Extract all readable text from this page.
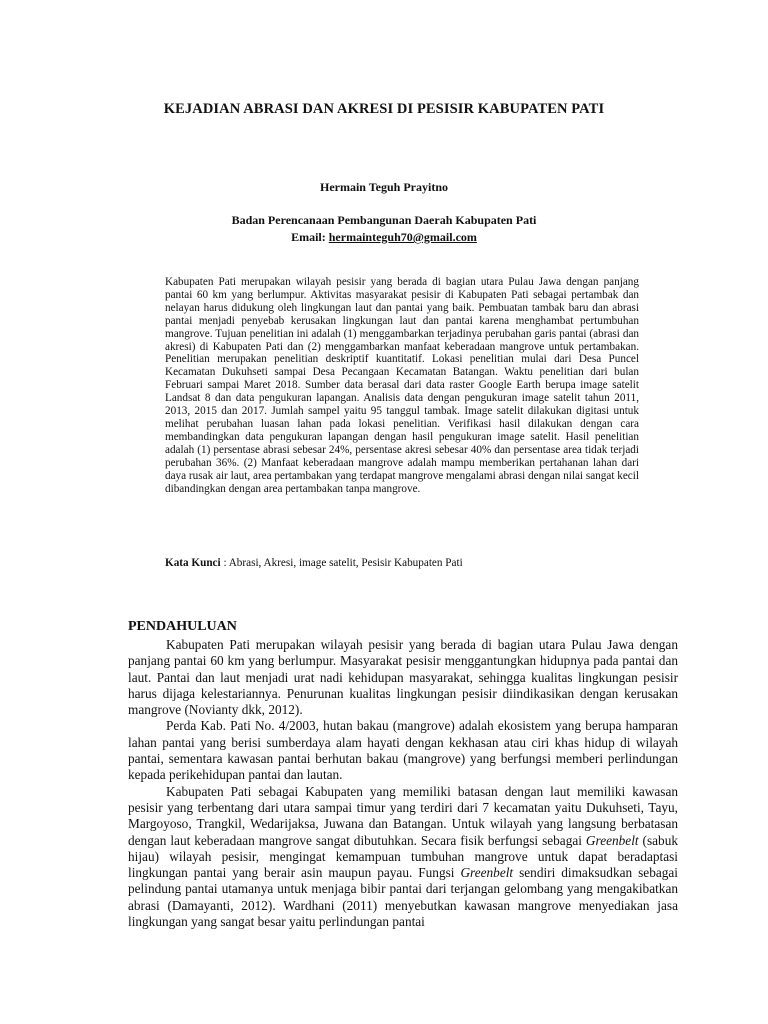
KEJADIAN ABRASI DAN AKRESI DI PESISIR KABUPATEN PATI
Hermain Teguh Prayitno
Badan Perencanaan Pembangunan Daerah Kabupaten Pati
Email: hermainteguh70@gmail.com
Kabupaten Pati merupakan wilayah pesisir yang berada di bagian utara Pulau Jawa dengan panjang pantai 60 km yang berlumpur. Aktivitas masyarakat pesisir di Kabupaten Pati sebagai pertambak dan nelayan harus didukung oleh lingkungan laut dan pantai yang baik. Pembuatan tambak baru dan abrasi pantai menjadi penyebab kerusakan lingkungan laut dan pantai karena menghambat pertumbuhan mangrove. Tujuan penelitian ini adalah (1) menggambarkan terjadinya perubahan garis pantai (abrasi dan akresi) di Kabupaten Pati dan (2) menggambarkan manfaat keberadaan mangrove untuk pertambakan. Penelitian merupakan penelitian deskriptif kuantitatif. Lokasi penelitian mulai dari Desa Puncel Kecamatan Dukuhseti sampai Desa Pecangaan Kecamatan Batangan. Waktu penelitian dari bulan Februari sampai Maret 2018. Sumber data berasal dari data raster Google Earth berupa image satelit Landsat 8 dan data pengukuran lapangan. Analisis data dengan pengukuran image satelit tahun 2011, 2013, 2015 dan 2017. Jumlah sampel yaitu 95 tanggul tambak. Image satelit dilakukan digitasi untuk melihat perubahan luasan lahan pada lokasi penelitian. Verifikasi hasil dilakukan dengan cara membandingkan data pengukuran lapangan dengan hasil pengukuran image satelit. Hasil penelitian adalah (1) persentase abrasi sebesar 24%, persentase akresi sebesar 40% dan persentase area tidak terjadi perubahan 36%. (2) Manfaat keberadaan mangrove adalah mampu memberikan pertahanan lahan dari daya rusak air laut, area pertambakan yang terdapat mangrove mengalami abrasi dengan nilai sangat kecil dibandingkan dengan area pertambakan tanpa mangrove.
Kata Kunci : Abrasi, Akresi, image satelit, Pesisir Kabupaten Pati
PENDAHULUAN

Kabupaten Pati merupakan wilayah pesisir yang berada di bagian utara Pulau Jawa dengan panjang pantai 60 km yang berlumpur. Masyarakat pesisir menggantungkan hidupnya pada pantai dan laut. Pantai dan laut menjadi urat nadi kehidupan masyarakat, sehingga kualitas lingkungan pesisir harus dijaga kelestariannya. Penurunan kualitas lingkungan pesisir diindikasikan dengan kerusakan mangrove (Novianty dkk, 2012).

Perda Kab. Pati No. 4/2003, hutan bakau (mangrove) adalah ekosistem yang berupa hamparan lahan pantai yang berisi sumberdaya alam hayati dengan kekhasan atau ciri khas hidup di wilayah pantai, sementara kawasan pantai berhutan bakau (mangrove) yang berfungsi memberi perlindungan kepada perikehidupan pantai dan lautan.

Kabupaten Pati sebagai Kabupaten yang memiliki batasan dengan laut memiliki kawasan pesisir yang terbentang dari utara sampai timur yang terdiri dari 7 kecamatan yaitu Dukuhseti, Tayu, Margoyoso, Trangkil, Wedarijaksa, Juwana dan Batangan. Untuk wilayah yang langsung berbatasan dengan laut keberadaan mangrove sangat dibutuhkan. Secara fisik berfungsi sebagai Greenbelt (sabuk hijau) wilayah pesisir, mengingat kemampuan tumbuhan mangrove untuk dapat beradaptasi lingkungan pantai yang berair asin maupun payau. Fungsi Greenbelt sendiri dimaksudkan sebagai pelindung pantai utamanya untuk menjaga bibir pantai dari terjangan gelombang yang mengakibatkan abrasi (Damayanti, 2012). Wardhani (2011) menyebutkan kawasan mangrove menyediakan jasa lingkungan yang sangat besar yaitu perlindungan pantai
